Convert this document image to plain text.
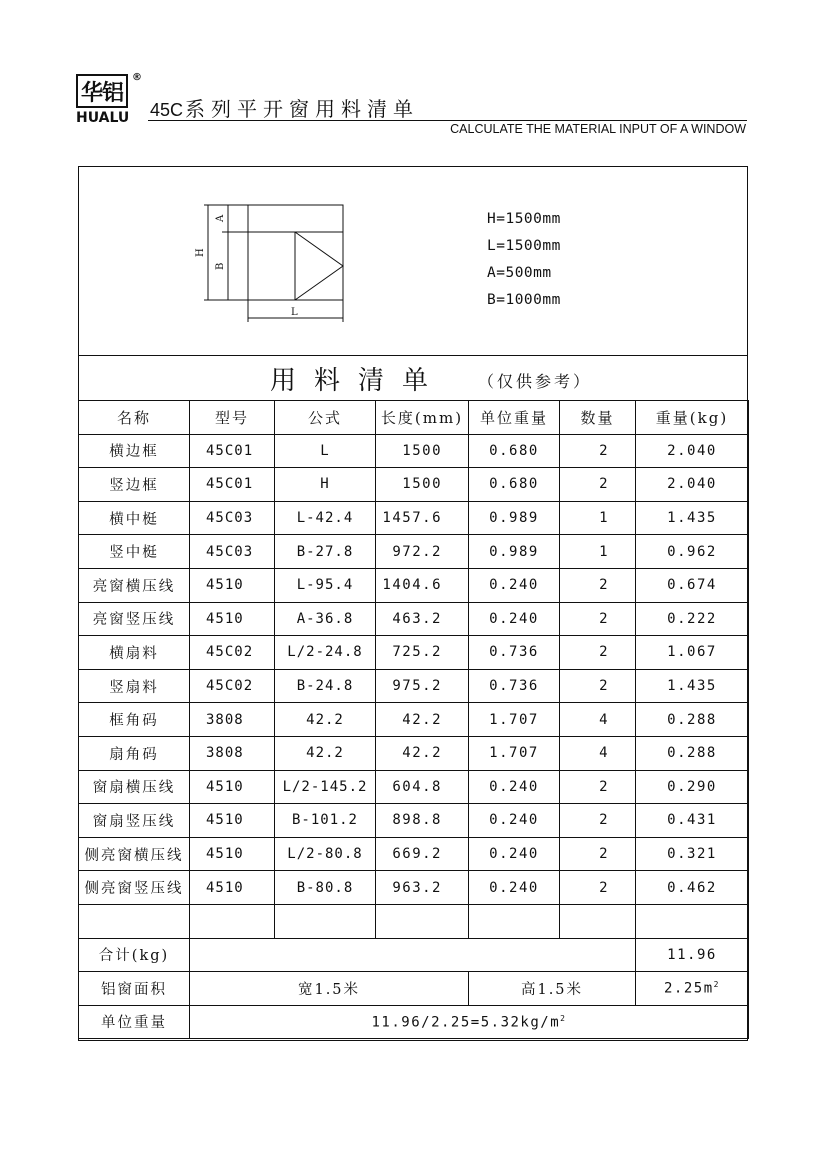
华铝
®
HUALU 45C 系列平开窗用料清单
CALCULATE THE MATERIAL INPUT OF A WINDOW
A
B
H
L
H=1500mm
L=1500mm
A=500mm
B=1000mm
用料清单 （仅供参考）
名称	型号	公式	长度(mm)	单位重量	数量	重量(kg)
横边框	45C01	L	1500	0.680	2	2.040
竖边框	45C01	H	1500	0.680	2	2.040
横中梃	45C03	L-42.4	1457.6	0.989	1	1.435
竖中梃	45C03	B-27.8	972.2	0.989	1	0.962
亮窗横压线	4510	L-95.4	1404.6	0.240	2	0.674
亮窗竖压线	4510	A-36.8	463.2	0.240	2	0.222
横扇料	45C02	L/2-24.8	725.2	0.736	2	1.067
竖扇料	45C02	B-24.8	975.2	0.736	2	1.435
框角码	3808	42.2	42.2	1.707	4	0.288
扇角码	3808	42.2	42.2	1.707	4	0.288
窗扇横压线	4510	L/2-145.2	604.8	0.240	2	0.290
窗扇竖压线	4510	B-101.2	898.8	0.240	2	0.431
侧亮窗横压线	4510	L/2-80.8	669.2	0.240	2	0.321
侧亮窗竖压线	4510	B-80.8	963.2	0.240	2	0.462

合计(kg)						11.96
铝窗面积	宽1.5米			高1.5米		$2.25m^2$
单位重量	$11.96/2.25=5.32kg/m^2$
